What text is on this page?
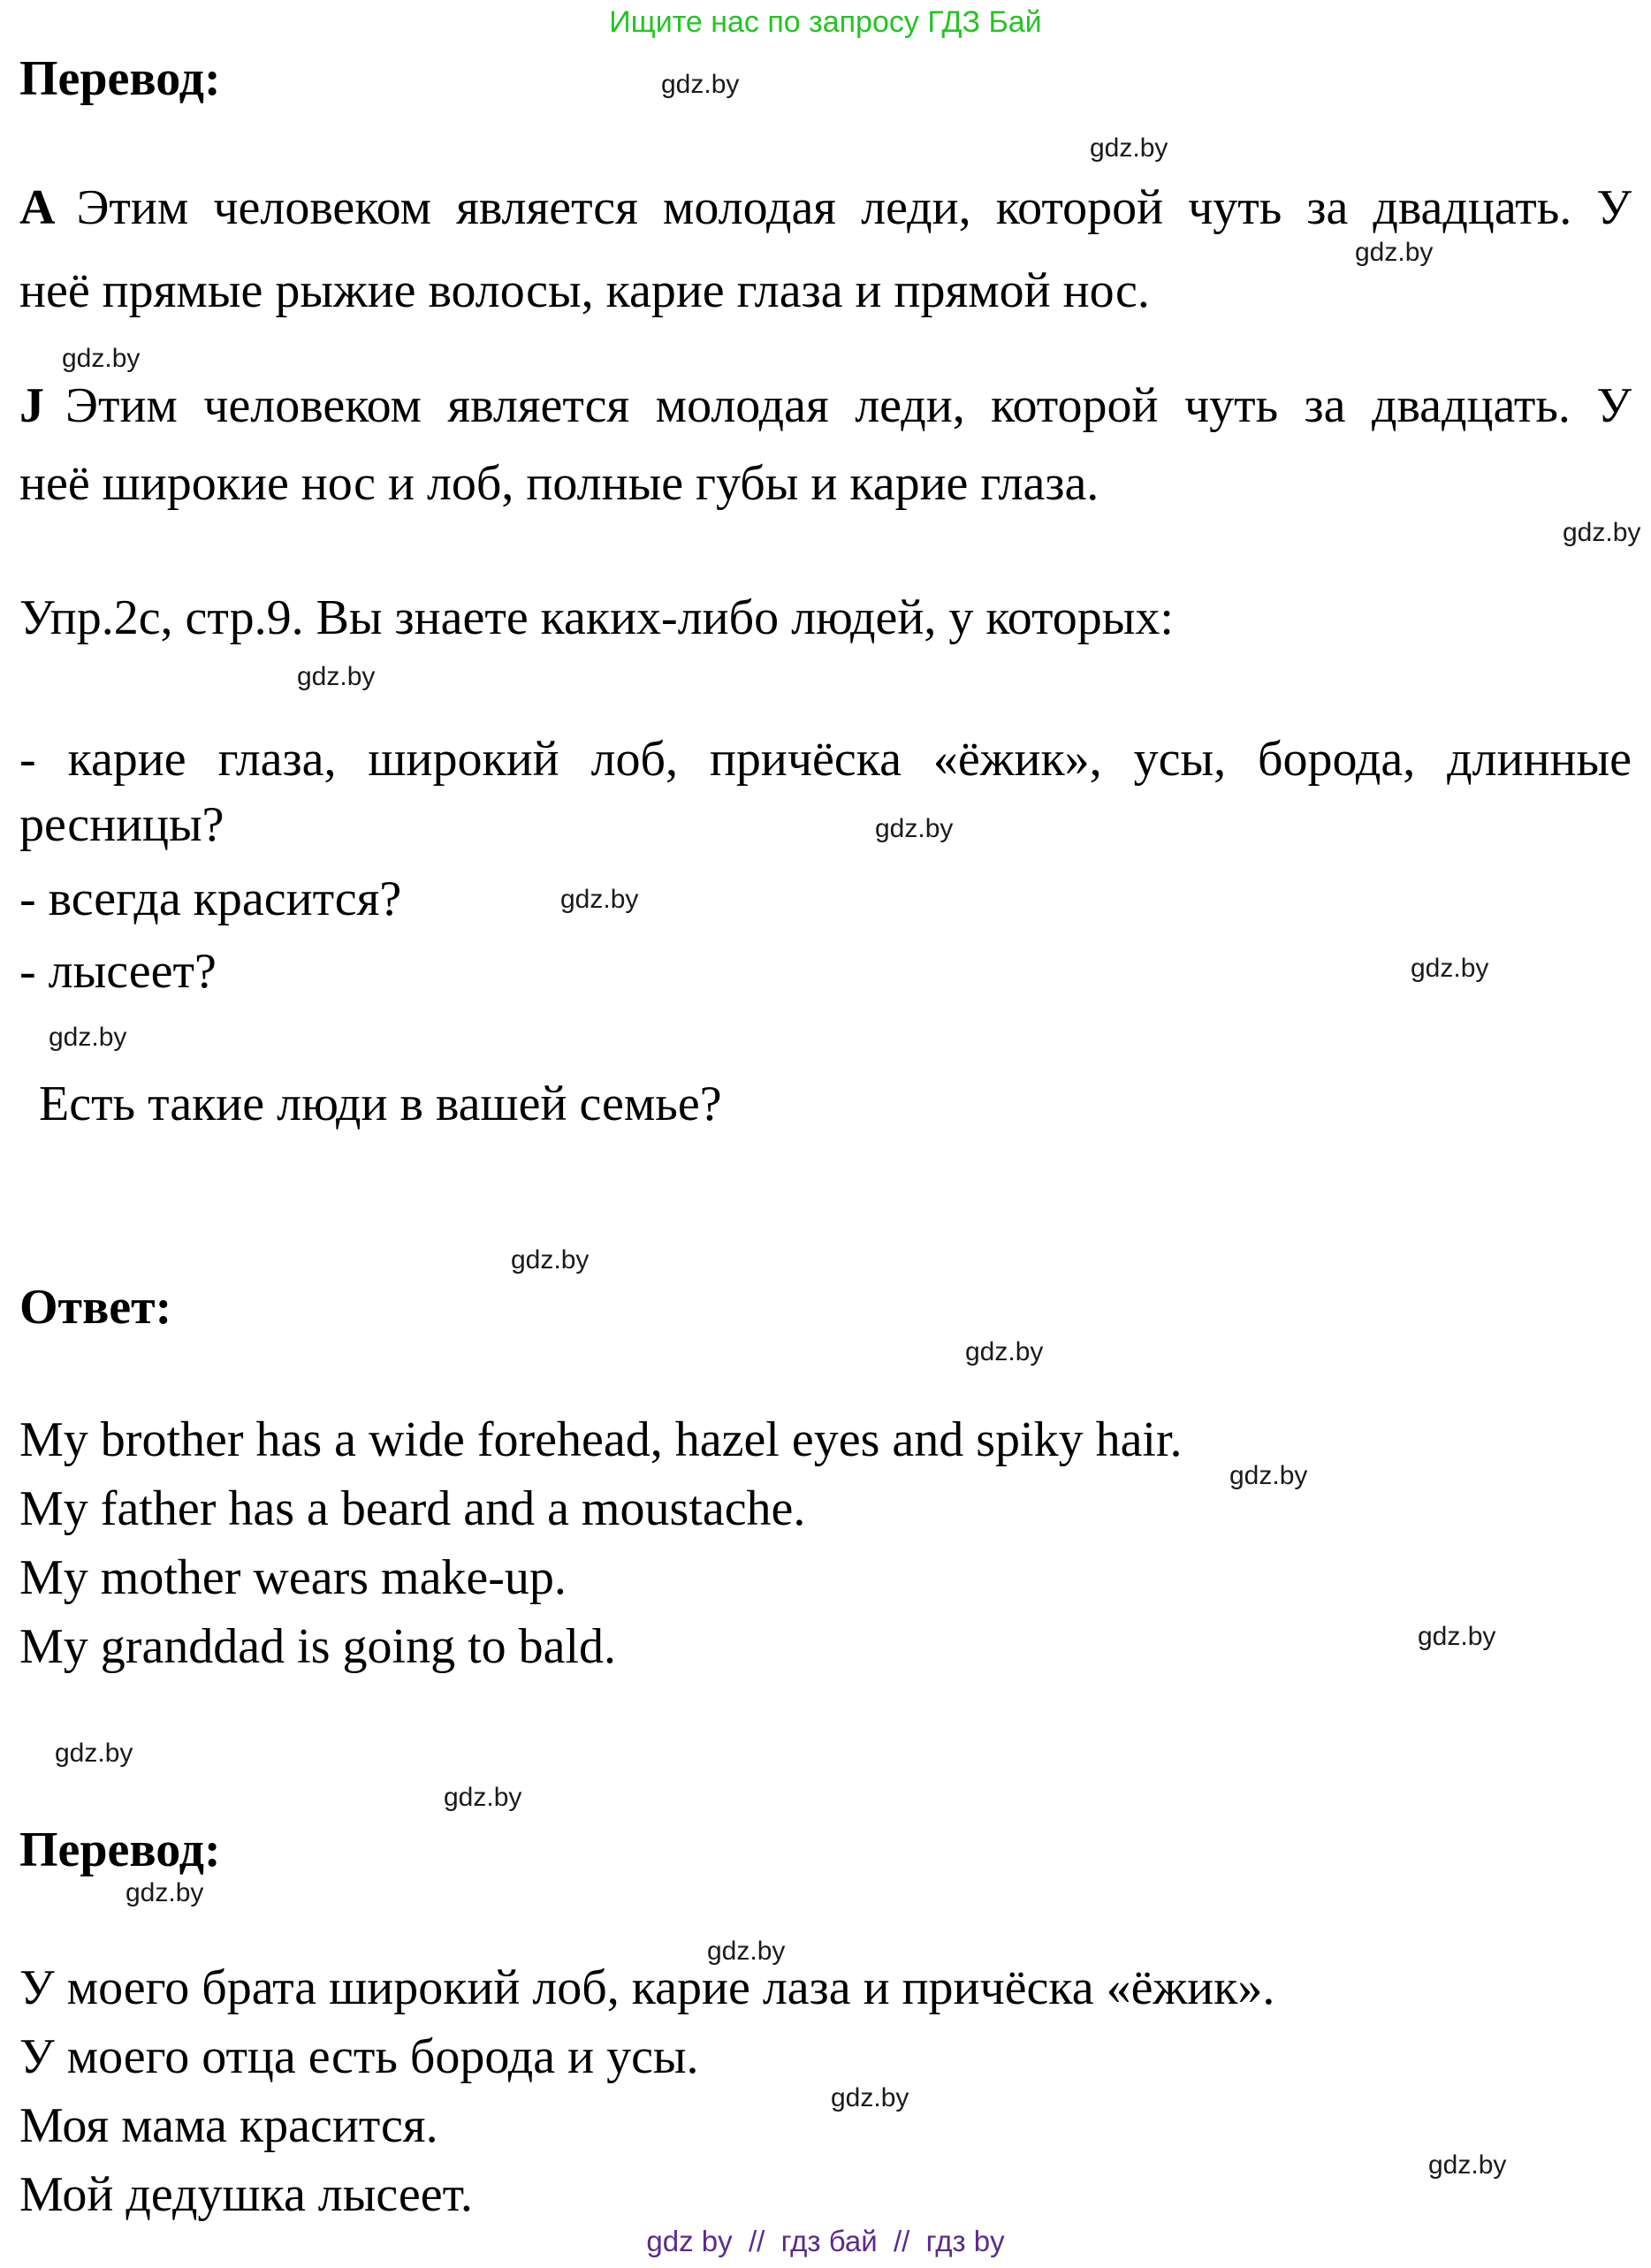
Ищите нас по запросу ГДЗ Бай
Перевод:
А Этим человеком является молодая леди, которой чуть за двадцать. У
неё прямые рыжие волосы, карие глаза и прямой нос.
J Этим человеком является молодая леди, которой чуть за двадцать. У
неё широкие нос и лоб, полные губы и карие глаза.
Упр.2c, стр.9. Вы знаете каких-либо людей, у которых:
- карие глаза, широкий лоб, причёска «ёжик», усы, борода, длинные
ресницы?
- всегда красится?
- лысеет?
Есть такие люди в вашей семье?
Ответ:
My brother has a wide forehead, hazel eyes and spiky hair.
My father has a beard and a moustache.
My mother wears make-up.
My granddad is going to bald.
Перевод:
У моего брата широкий лоб, карие лаза и причёска «ёжик».
У моего отца есть борода и усы.
Моя мама красится.
Мой дедушка лысеет.
gdz.by
gdz.by
gdz.by
gdz.by
gdz.by
gdz.by
gdz.by
gdz.by
gdz.by
gdz.by
gdz.by
gdz.by
gdz.by
gdz.by
gdz.by
gdz.by
gdz.by
gdz.by
gdz.by
gdz.by
gdz by  //  гдз бай  //  гдз by
